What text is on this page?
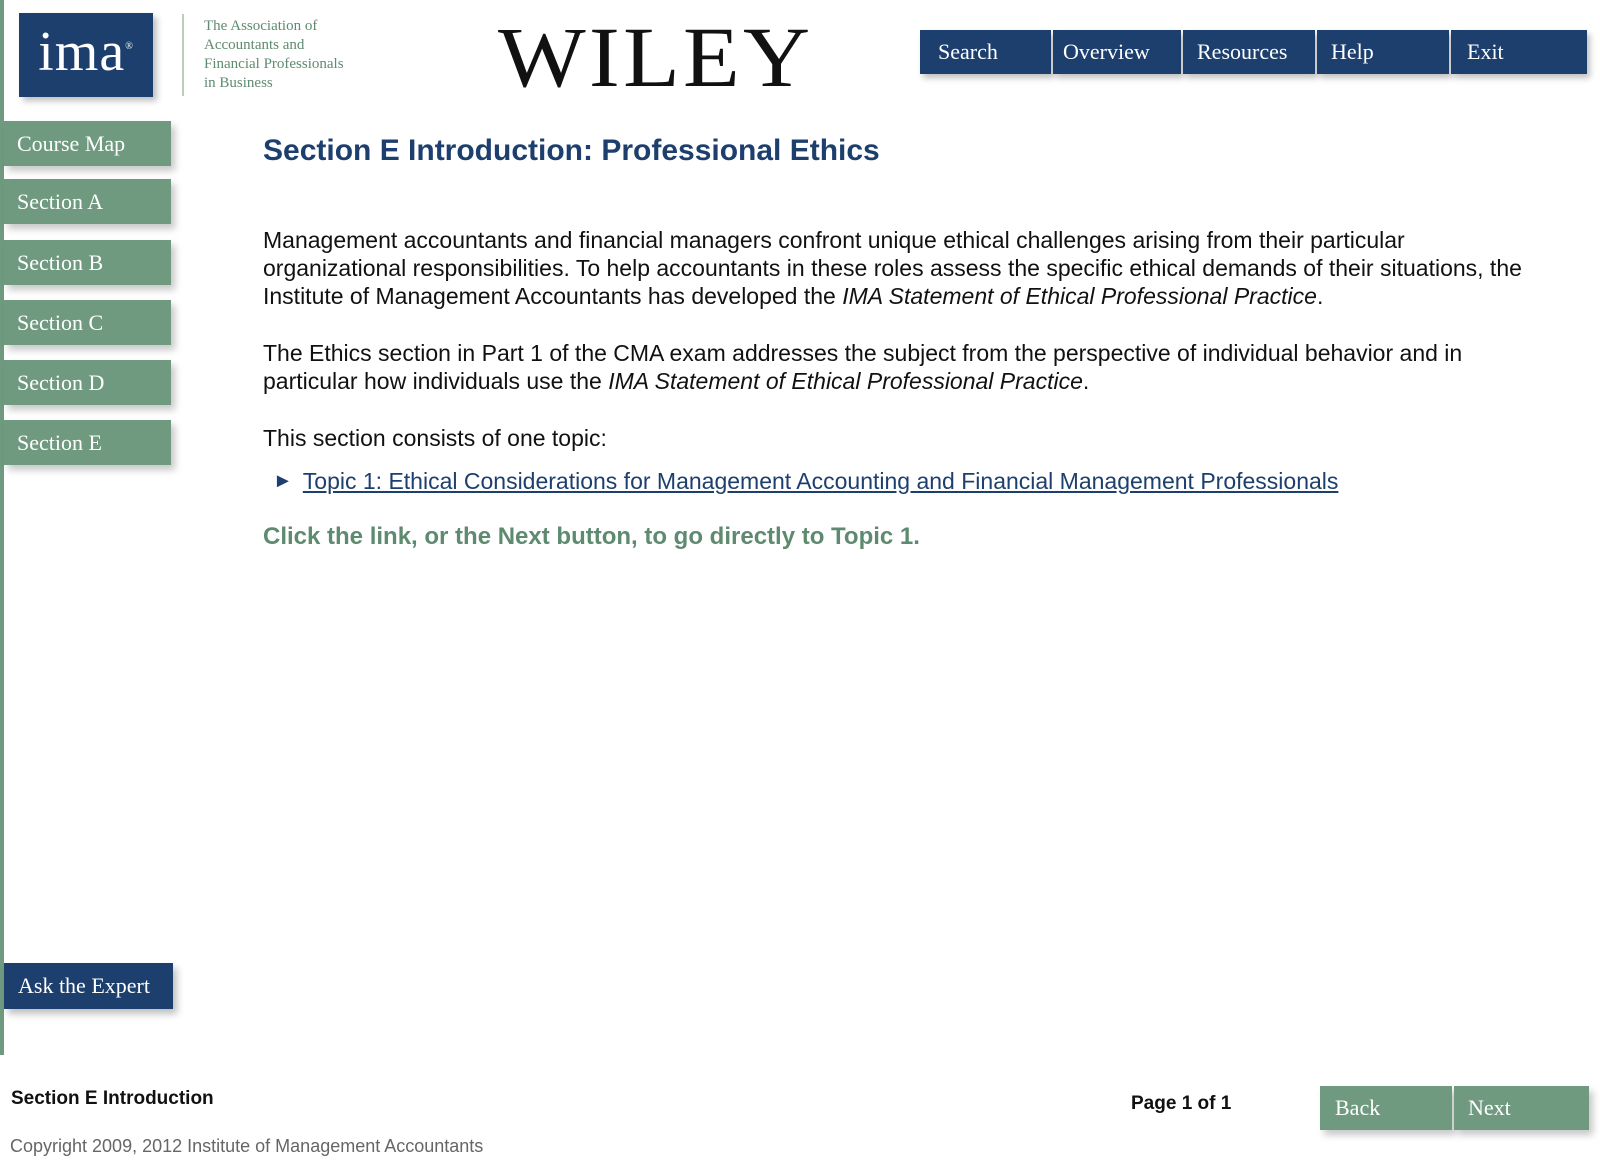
ima®
The Association of
Accountants and
Financial Professionals
in Business	WILEY	Search	Overview	Resources	Help	Exit
Course Map
Section A
Section B
Section C
Section D
Section E
Ask the Expert
Section E Introduction: Professional Ethics

Management accountants and financial managers confront unique ethical challenges arising from their particular organizational responsibilities. To help accountants in these roles assess the specific ethical demands of their situations, the Institute of Management Accountants has developed the IMA Statement of Ethical Professional Practice.

The Ethics section in Part 1 of the CMA exam addresses the subject from the perspective of individual behavior and in particular how individuals use the IMA Statement of Ethical Professional Practice.

This section consists of one topic:

► Topic 1: Ethical Considerations for Management Accounting and Financial Management Professionals

Click the link, or the Next button, to go directly to Topic 1.

Section E Introduction	Page 1 of 1	Back	Next
Copyright 2009, 2012 Institute of Management Accountants
